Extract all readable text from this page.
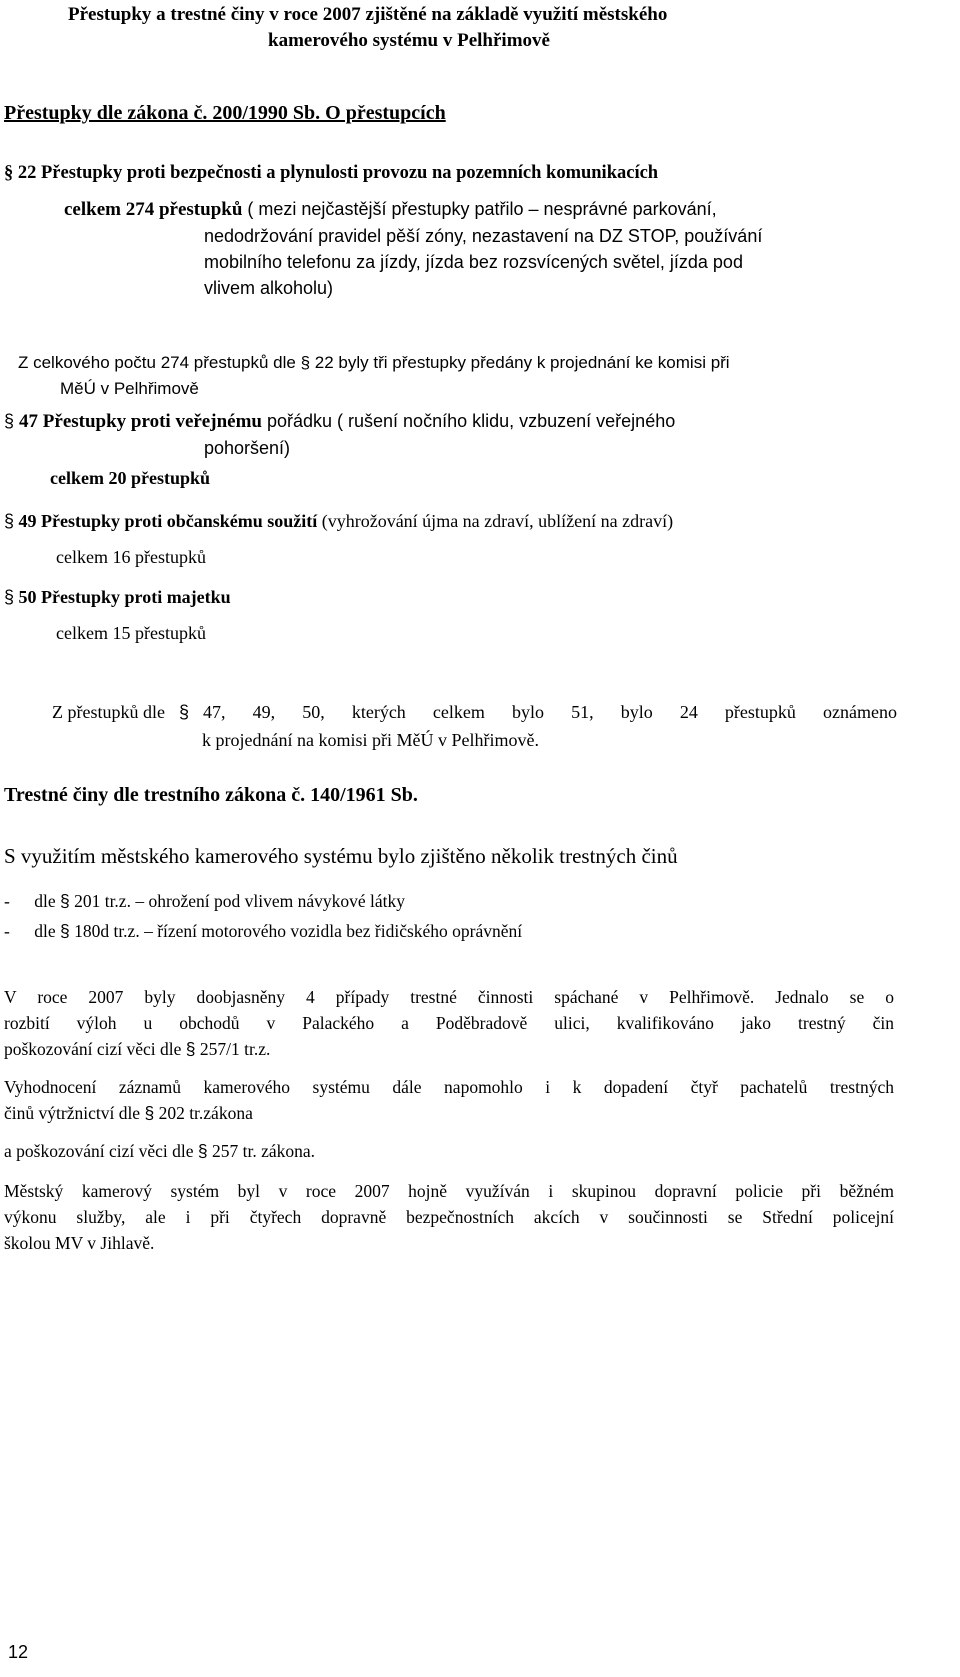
Přestupky a trestné činy v roce 2007 zjištěné na základě využití městského
kamerového systému v Pelhřimově
Přestupky dle zákona č. 200/1990 Sb. O přestupcích
§ 22 Přestupky proti bezpečnosti a plynulosti provozu na pozemních komunikacích
celkem 274 přestupků ( mezi nejčastější přestupky patřilo – nesprávné parkování,
nedodržování pravidel pěší zóny, nezastavení na DZ STOP, používání
mobilního telefonu za jízdy, jízda bez rozsvícených světel, jízda pod
vlivem alkoholu)
Z celkového počtu 274 přestupků dle § 22 byly tři přestupky předány k projednání ke komisi při
MěÚ v Pelhřimově
§ 47 Přestupky proti veřejnému pořádku ( rušení nočního klidu, vzbuzení veřejného
pohoršení)
celkem 20 přestupků
§ 49 Přestupky proti občanskému soužití (vyhrožování újma na zdraví, ublížení na zdraví)
celkem 16 přestupků
§ 50 Přestupky proti majetku
celkem 15 přestupků
Z přestupků dle § 47, 49, 50, kterých celkem bylo 51, bylo 24 přestupků oznámeno
k projednání na komisi při MěÚ v Pelhřimově.
Trestné činy dle trestního zákona č. 140/1961 Sb.
S využitím městského kamerového systému bylo zjištěno několik trestných činů
- dle § 201 tr.z. – ohrožení pod vlivem návykové látky
- dle § 180d tr.z. – řízení motorového vozidla bez řidičského oprávnění
V roce 2007 byly doobjasněny 4 případy trestné činnosti spáchané v Pelhřimově. Jednalo se o
rozbití výloh u obchodů v Palackého a Poděbradově ulici, kvalifikováno jako trestný čin
poškozování cizí věci dle § 257/1 tr.z.
Vyhodnocení záznamů kamerového systému dále napomohlo i k dopadení čtyř pachatelů trestných
činů výtržnictví dle § 202 tr.zákona
a poškozování cizí věci dle § 257 tr. zákona.
Městský kamerový systém byl v roce 2007 hojně využíván i skupinou dopravní policie při běžném
výkonu služby, ale i při čtyřech dopravně bezpečnostních akcích v součinnosti se Střední policejní
školou MV v Jihlavě.
12
